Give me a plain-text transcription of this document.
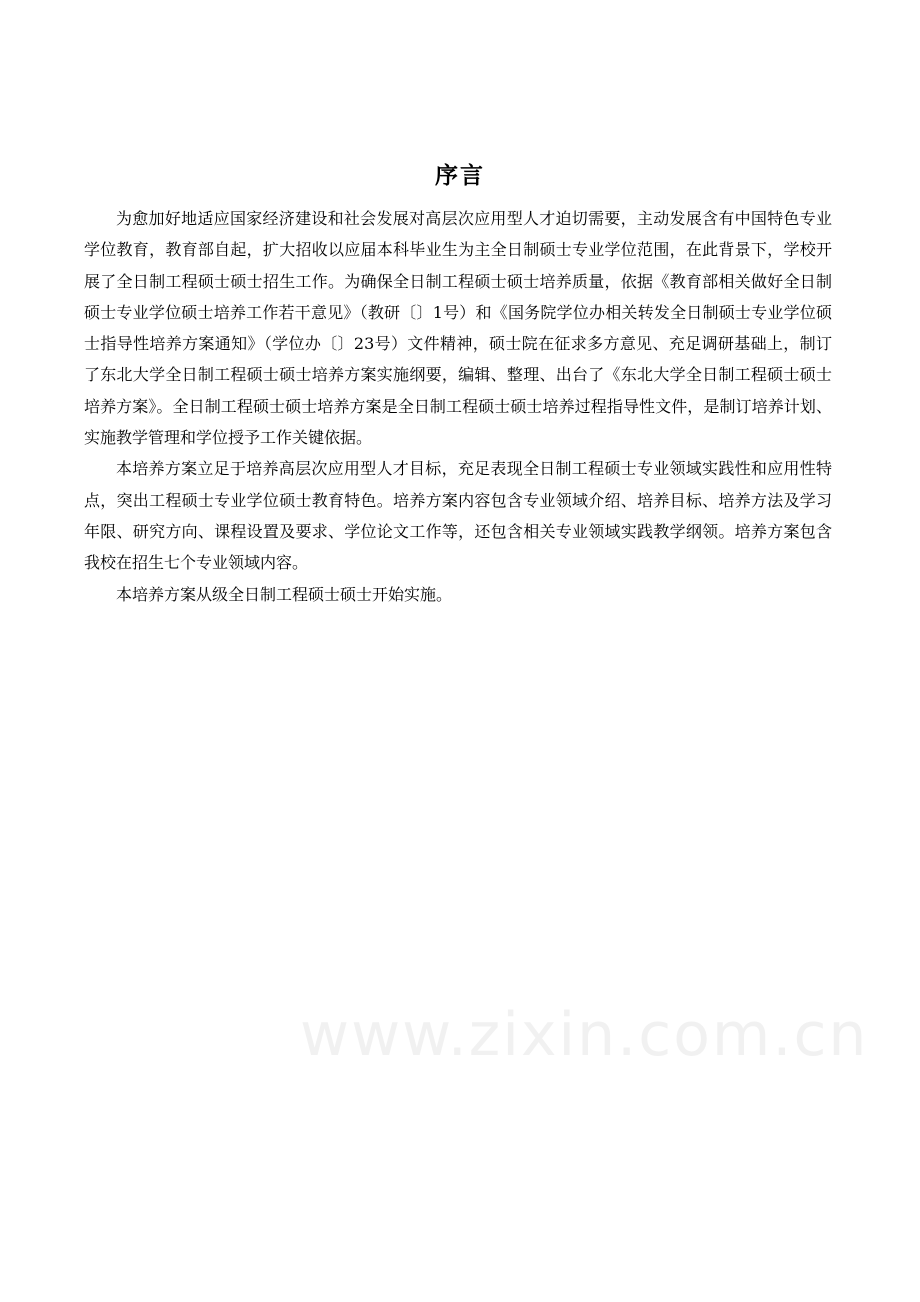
序言

为愈加好地适应国家经济建设和社会发展对高层次应用型人才迫切需要，主动发展含有中国特色专业学位教育，教育部自起，扩大招收以应届本科毕业生为主全日制硕士专业学位范围，在此背景下，学校开展了全日制工程硕士硕士招生工作。为确保全日制工程硕士硕士培养质量，依据《教育部相关做好全日制硕士专业学位硕士培养工作若干意见》（教研〔〕1号）和《国务院学位办相关转发全日制硕士专业学位硕士指导性培养方案通知》（学位办〔〕23号）文件精神，硕士院在征求多方意见、充足调研基础上，制订了东北大学全日制工程硕士硕士培养方案实施纲要，编辑、整理、出台了《东北大学全日制工程硕士硕士培养方案》。全日制工程硕士硕士培养方案是全日制工程硕士硕士培养过程指导性文件，是制订培养计划、实施教学管理和学位授予工作关键依据。

本培养方案立足于培养高层次应用型人才目标，充足表现全日制工程硕士专业领域实践性和应用性特点，突出工程硕士专业学位硕士教育特色。培养方案内容包含专业领域介绍、培养目标、培养方法及学习年限、研究方向、课程设置及要求、学位论文工作等，还包含相关专业领域实践教学纲领。培养方案包含我校在招生七个专业领域内容。

本培养方案从级全日制工程硕士硕士开始实施。

www.zixin.com.cn
